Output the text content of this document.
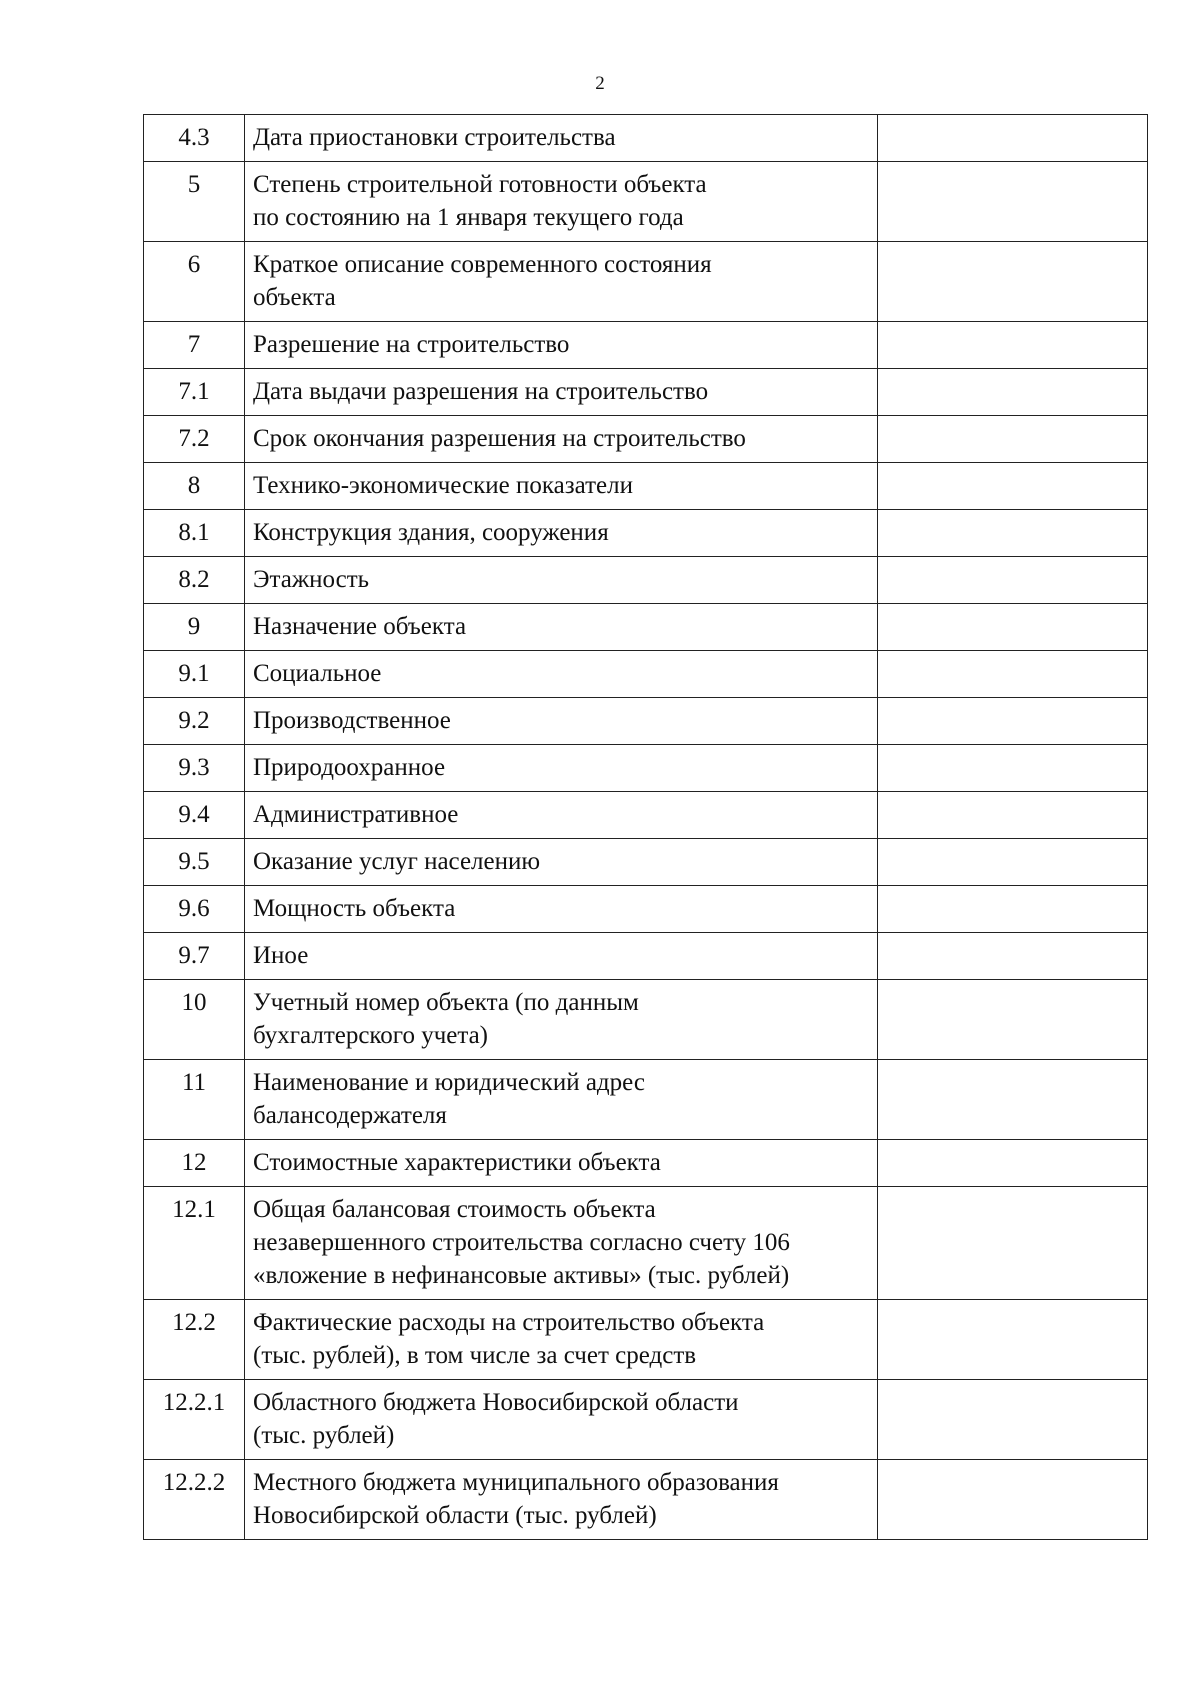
2
4.3	Дата приостановки строительства	
5	Степень строительной готовности объекта
по состоянию на 1 января текущего года	
6	Краткое описание современного состояния
объекта	
7	Разрешение на строительство	
7.1	Дата выдачи разрешения на строительство	
7.2	Срок окончания разрешения на строительство	
8	Технико-экономические показатели	
8.1	Конструкция здания, сооружения	
8.2	Этажность	
9	Назначение объекта	
9.1	Социальное	
9.2	Производственное	
9.3	Природоохранное	
9.4	Административное	
9.5	Оказание услуг населению	
9.6	Мощность объекта	
9.7	Иное	
10	Учетный номер объекта (по данным
бухгалтерского учета)	
11	Наименование и юридический адрес
балансодержателя	
12	Стоимостные характеристики объекта	
12.1	Общая балансовая стоимость объекта
незавершенного строительства согласно счету 106
«вложение в нефинансовые активы» (тыс. рублей)	
12.2	Фактические расходы на строительство объекта
(тыс. рублей), в том числе за счет средств	
12.2.1	Областного бюджета Новосибирской области
(тыс. рублей)	
12.2.2	Местного бюджета муниципального образования
Новосибирской области (тыс. рублей)	
